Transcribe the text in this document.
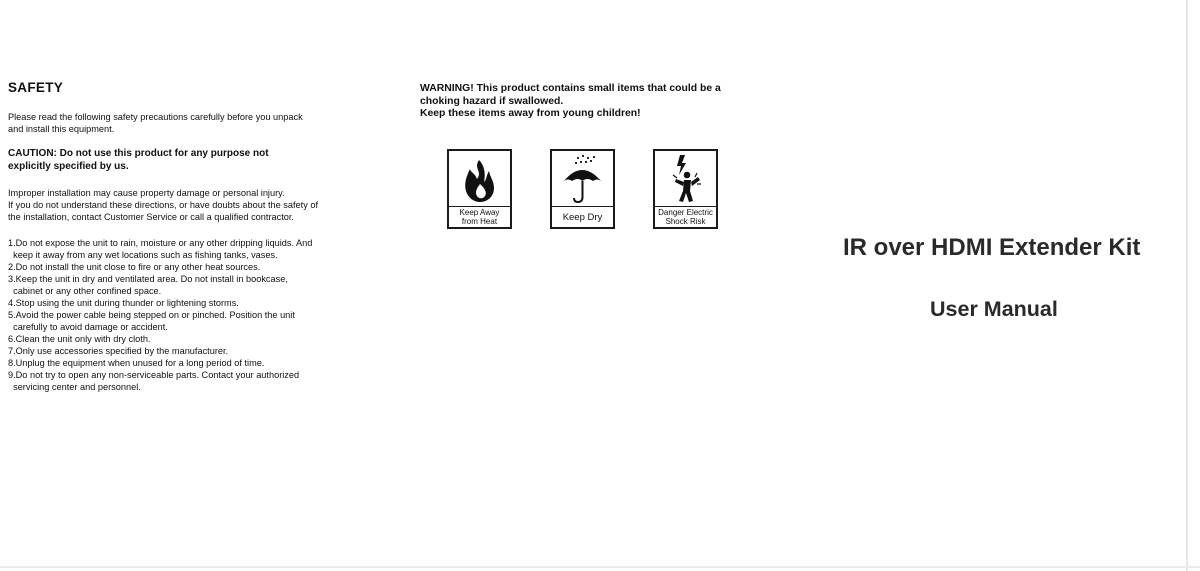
SAFETY

Please read the following safety precautions carefully before you unpack

and install this equipment.

CAUTION: Do not use this product for any purpose not
explicitly specified by us.

Improper installation may cause property damage or personal injury.

If you do not understand these directions, or have doubts about the safety of

the installation, contact Customer Service or call a qualified contractor.

1.Do not expose the unit to rain, moisture or any other dripping liquids. And
keep it away from any wet locations such as fishing tanks, vases.
2.Do not install the unit close to fire or any other heat sources.
3.Keep the unit in dry and ventilated area. Do not install in bookcase,
cabinet or any other confined space.
4.Stop using the unit during thunder or lightening storms.
5.Avoid the power cable being stepped on or pinched. Position the unit
carefully to avoid damage or accident.
6.Clean the unit only with dry cloth.
7.Only use accessories specified by the manufacturer.
8.Unplug the equipment when unused for a long period of time.
9.Do not try to open any non-serviceable parts. Contact your authorized
servicing center and personnel.

WARNING! This product contains small items that could be a

choking hazard if swallowed.

Keep these items away from young children!

Keep Away
from Heat	Keep Dry	Danger Electric
Shock Risk
IR over HDMI Extender Kit
User Manual
